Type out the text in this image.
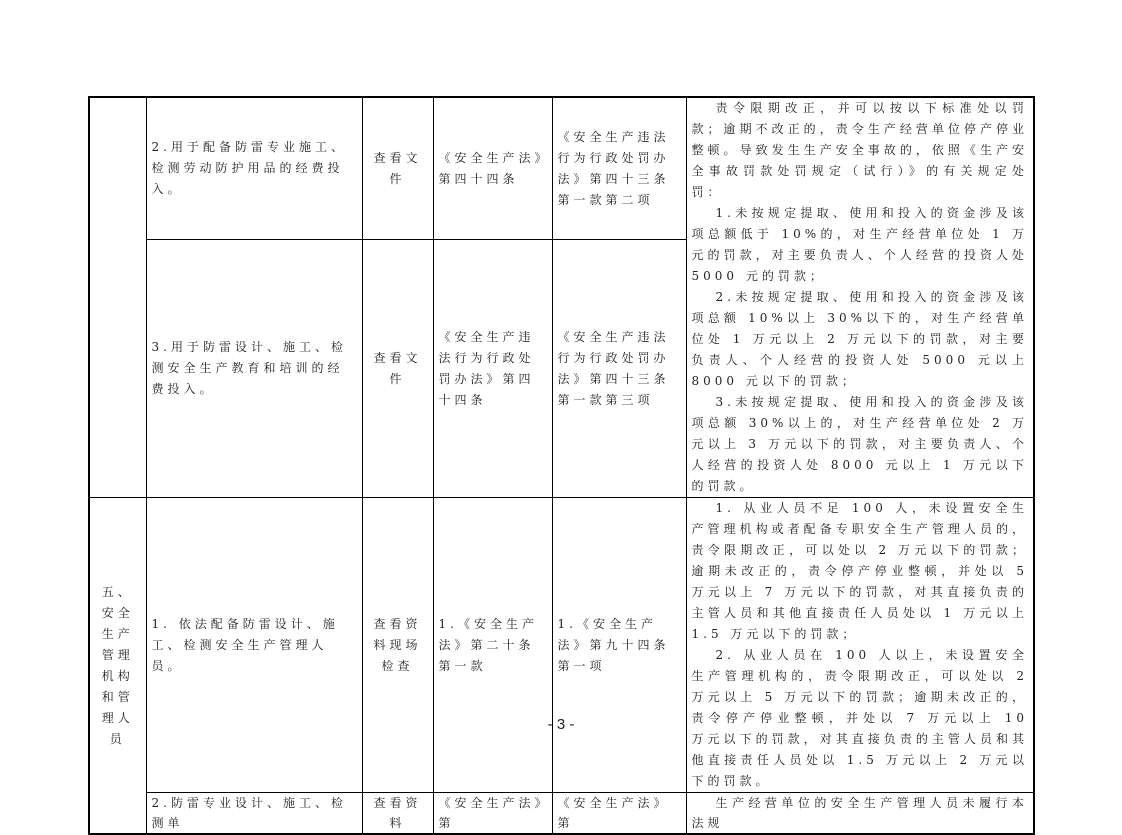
	2.用于配备防雷专业施工、检测劳动防护用品的经费投入。	查看文件	《安全生产法》第四十四条	《安全生产违法行为行政处罚办法》第四十三条第一款第二项	责令限期改正，并可以按以下标准处以罚款；逾期不改正的，责令生产经营单位停产停业整顿。导致发生生产安全事故的，依照《生产安全事故罚款处罚规定（试行）》的有关规定处罚：

1.未按规定提取、使用和投入的资金涉及该项总额低于 10%的，对生产经营单位处 1 万元的罚款，对主要负责人、个人经营的投资人处 5000 元的罚款；

2.未按规定提取、使用和投入的资金涉及该项总额 10%以上 30%以下的，对生产经营单位处 1 万元以上 2 万元以下的罚款，对主要负责人、个人经营的投资人处 5000 元以上 8000 元以下的罚款；

3.未按规定提取、使用和投入的资金涉及该项总额 30%以上的，对生产经营单位处 2 万元以上 3 万元以下的罚款，对主要负责人、个人经营的投资人处 8000 元以上 1 万元以下的罚款。

	3.用于防雷设计、施工、检测安全生产教育和培训的经费投入。	查看文件	《安全生产违法行为行政处罚办法》第四十四条	《安全生产违法行为行政处罚办法》第四十三条第一款第三项	
五、安全生产管理机构和管理人员	1. 依法配备防雷设计、施工、检测安全生产管理人员。	查看资料现场检查	1.《安全生产法》第二十条第一款	1.《安全生产法》第九十四条第一项	1. 从业人员不足 100 人，未设置安全生产管理机构或者配备专职安全生产管理人员的，责令限期改正，可以处以 2 万元以下的罚款；逾期未改正的，责令停产停业整顿，并处以 5 万元以上 7 万元以下的罚款，对其直接负责的主管人员和其他直接责任人员处以 1 万元以上 1.5 万元以下的罚款；

2. 从业人员在 100 人以上，未设置安全生产管理机构的，责令限期改正，可以处以 2 万元以上 5 万元以下的罚款；逾期未改正的，责令停产停业整顿，并处以 7 万元以上 10 万元以下的罚款，对其直接负责的主管人员和其他直接责任人员处以 1.5 万元以上 2 万元以下的罚款。

	2.防雷专业设计、施工、检测单	查看资料	《安全生产法》第	《安全生产法》第	生产经营单位的安全生产管理人员未履行本法规

- 3 -
